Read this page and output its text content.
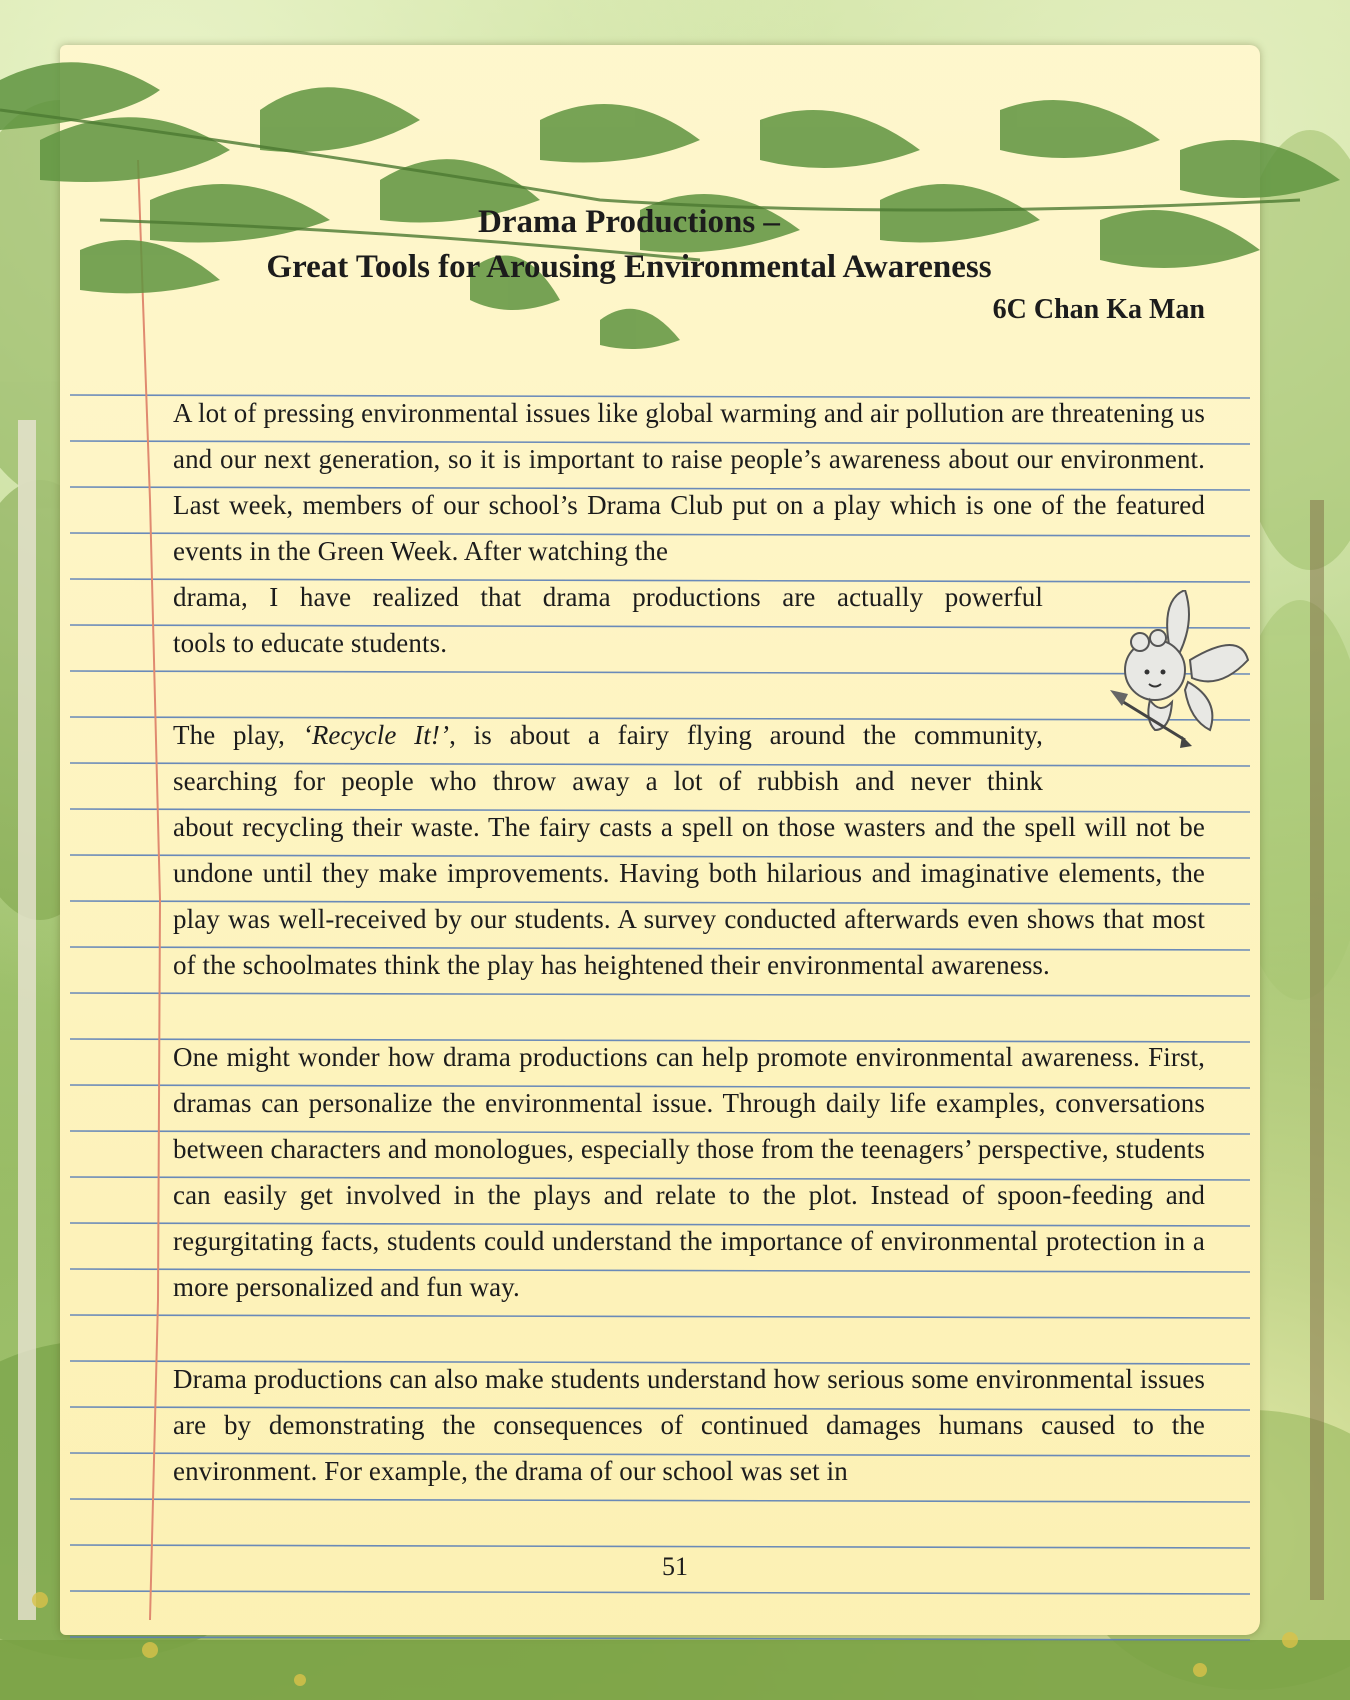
Drama Productions –
Great Tools for Arousing Environmental Awareness
6C Chan Ka Man
A lot of pressing environmental issues like global warming and air pollution are threatening us and our next generation, so it is important to raise people’s awareness about our environment. Last week, members of our school’s Drama Club put on a play which is one of the featured events in the Green Week. After watching the
drama, I have realized that drama productions are actually powerful
tools to educate students.
The play, ‘Recycle It!’, is about a fairy flying around the community,
searching for people who throw away a lot of rubbish and never think
about recycling their waste. The fairy casts a spell on those wasters and the spell will not be undone until they make improvements. Having both hilarious and imaginative elements, the play was well-received by our students. A survey conducted afterwards even shows that most of the schoolmates think the play has heightened their environmental awareness.
One might wonder how drama productions can help promote environmental awareness. First, dramas can personalize the environmental issue. Through daily life examples, conversations between characters and monologues, especially those from the teenagers’ perspective, students can easily get involved in the plays and relate to the plot. Instead of spoon-feeding and regurgitating facts, students could understand the importance of environmental protection in a more personalized and fun way.
Drama productions can also make students understand how serious some environmental issues are by demonstrating the consequences of continued damages humans caused to the environment. For example, the drama of our school was set in
51
